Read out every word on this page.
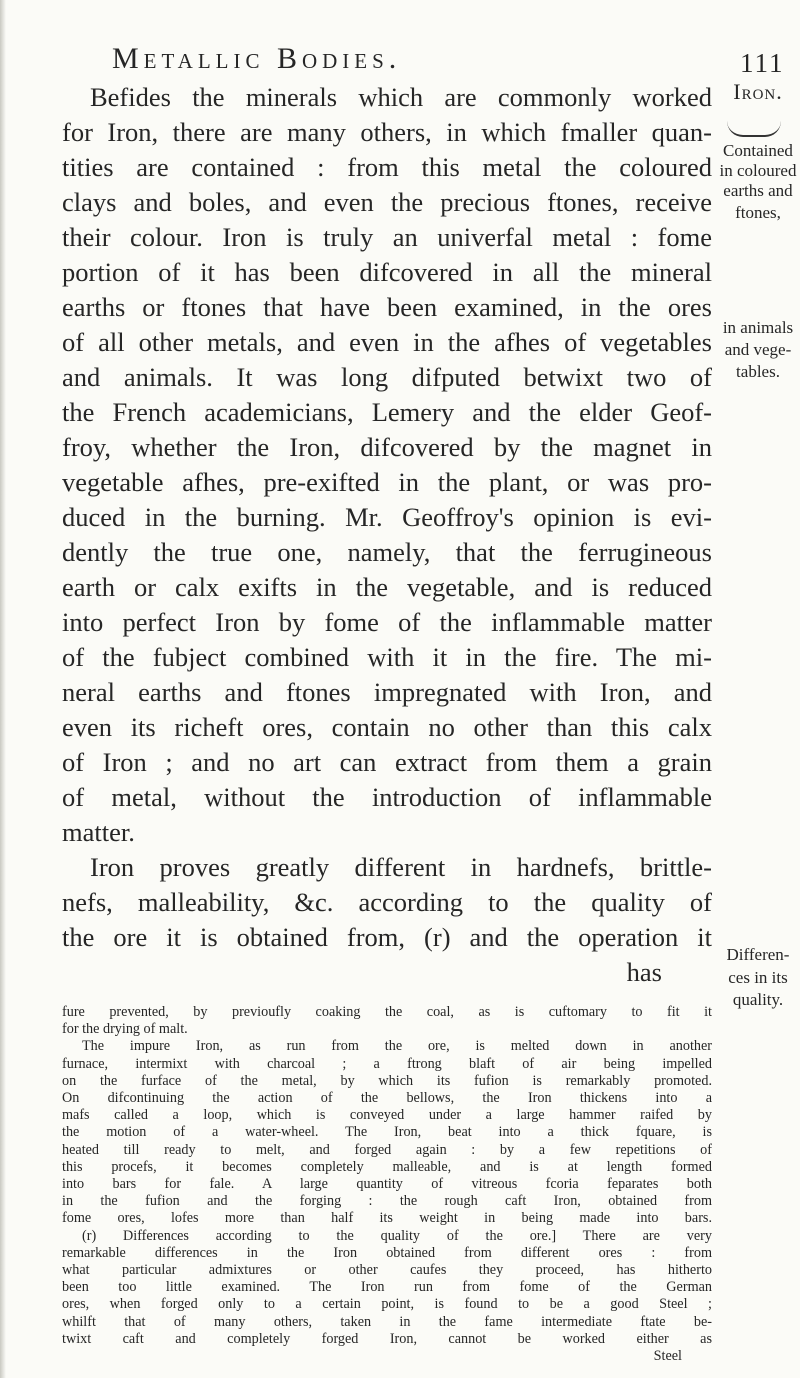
Metallic Bodies.	111
Iron.
Contained
in coloured
earths and
ftones,
in animals
and vege-
tables.
Differen-
ces in its
quality.
Befides the minerals which are commonly worked
for Iron, there are many others, in which fmaller quan-
tities are contained : from this metal the coloured
clays and boles, and even the precious ftones, receive
their colour. Iron is truly an univerfal metal : fome
portion of it has been difcovered in all the mineral
earths or ftones that have been examined, in the ores
of all other metals, and even in the afhes of vegetables
and animals. It was long difputed betwixt two of
the French academicians, Lemery and the elder Geof-
froy, whether the Iron, difcovered by the magnet in
vegetable afhes, pre-exifted in the plant, or was pro-
duced in the burning. Mr. Geoffroy's opinion is evi-
dently the true one, namely, that the ferrugineous
earth or calx exifts in the vegetable, and is reduced
into perfect Iron by fome of the inflammable matter
of the fubject combined with it in the fire. The mi-
neral earths and ftones impregnated with Iron, and
even its richeft ores, contain no other than this calx
of Iron ; and no art can extract from them a grain
of metal, without the introduction of inflammable
matter.
Iron proves greatly different in hardnefs, brittle-
nefs, malleability, &c. according to the quality of
the ore it is obtained from, (r) and the operation it
has
fure prevented, by previoufly coaking the coal, as is cuftomary to fit it
for the drying of malt.
The impure Iron, as run from the ore, is melted down in another
furnace, intermixt with charcoal ; a ftrong blaft of air being impelled
on the furface of the metal, by which its fufion is remarkably promoted.
On difcontinuing the action of the bellows, the Iron thickens into a
mafs called a loop, which is conveyed under a large hammer raifed by
the motion of a water-wheel. The Iron, beat into a thick fquare, is
heated till ready to melt, and forged again : by a few repetitions of
this procefs, it becomes completely malleable, and is at length formed
into bars for fale. A large quantity of vitreous fcoria feparates both
in the fufion and the forging : the rough caft Iron, obtained from
fome ores, lofes more than half its weight in being made into bars.
(r) Differences according to the quality of the ore.] There are very
remarkable differences in the Iron obtained from different ores : from
what particular admixtures or other caufes they proceed, has hitherto
been too little examined. The Iron run from fome of the German
ores, when forged only to a certain point, is found to be a good Steel ;
whilft that of many others, taken in the fame intermediate ftate be-
twixt caft and completely forged Iron, cannot be worked either as
Steel
